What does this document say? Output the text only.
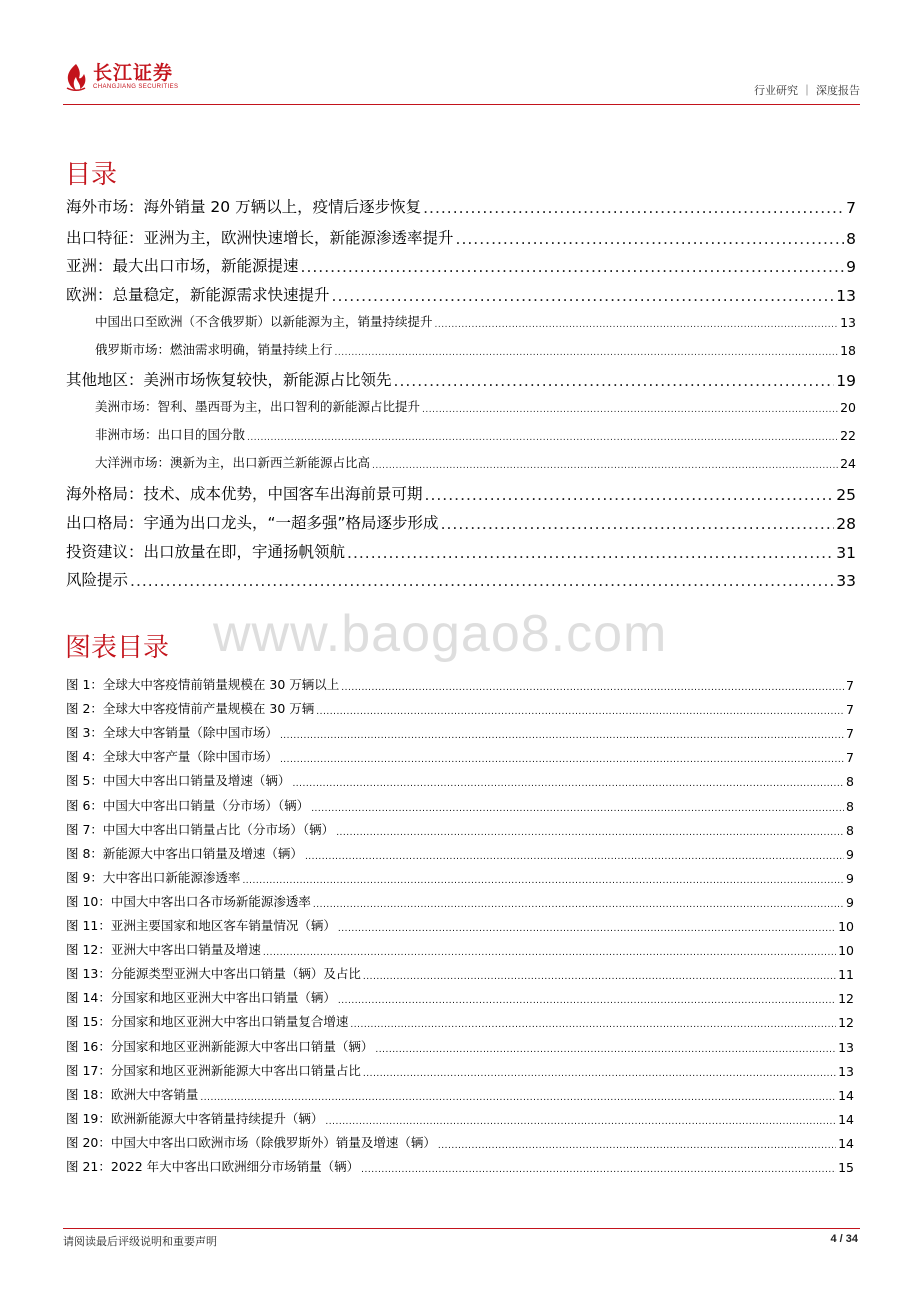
长江证券
CHANGJIANG SECURITIES	行业研究 ｜ 深度报告
目录
海外市场：海外销量 20 万辆以上，疫情后逐步恢复 .....	7
出口特征：亚洲为主，欧洲快速增长，新能源渗透率提升 .....	8
亚洲：最大出口市场，新能源提速 .....	9
欧洲：总量稳定，新能源需求快速提升 .....	13
中国出口至欧洲（不含俄罗斯）以新能源为主，销量持续提升 .....	13
俄罗斯市场：燃油需求明确，销量持续上行 .....	18
其他地区：美洲市场恢复较快，新能源占比领先 .....	19
美洲市场：智利、墨西哥为主，出口智利的新能源占比提升 .....	20
非洲市场：出口目的国分散 .....	22
大洋洲市场：澳新为主，出口新西兰新能源占比高 .....	24
海外格局：技术、成本优势，中国客车出海前景可期 .....	25
出口格局：宇通为出口龙头，“一超多强”格局逐步形成 .....	28
投资建议：出口放量在即，宇通扬帆领航 .....	31
风险提示 .....	33
www.baogao8.com
图表目录
图 1：全球大中客疫情前销量规模在 30 万辆以上 .....	7
图 2：全球大中客疫情前产量规模在 30 万辆 .....	7
图 3：全球大中客销量（除中国市场） .....	7
图 4：全球大中客产量（除中国市场） .....	7
图 5：中国大中客出口销量及增速（辆） .....	8
图 6：中国大中客出口销量（分市场）（辆） .....	8
图 7：中国大中客出口销量占比（分市场）（辆） .....	8
图 8：新能源大中客出口销量及增速（辆） .....	9
图 9：大中客出口新能源渗透率 .....	9
图 10：中国大中客出口各市场新能源渗透率 .....	9
图 11：亚洲主要国家和地区客车销量情况（辆） .....	10
图 12：亚洲大中客出口销量及增速 .....	10
图 13：分能源类型亚洲大中客出口销量（辆）及占比 .....	11
图 14：分国家和地区亚洲大中客出口销量（辆） .....	12
图 15：分国家和地区亚洲大中客出口销量复合增速 .....	12
图 16：分国家和地区亚洲新能源大中客出口销量（辆） .....	13
图 17：分国家和地区亚洲新能源大中客出口销量占比 .....	13
图 18：欧洲大中客销量 .....	14
图 19：欧洲新能源大中客销量持续提升（辆） .....	14
图 20：中国大中客出口欧洲市场（除俄罗斯外）销量及增速（辆） .....	14
图 21：2022 年大中客出口欧洲细分市场销量（辆） .....	15
请阅读最后评级说明和重要声明	4 / 34
